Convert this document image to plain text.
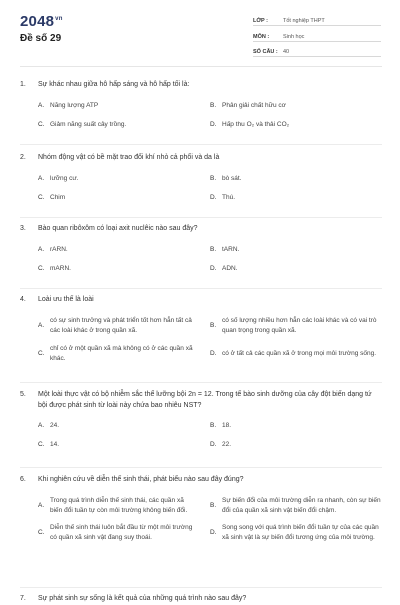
$2048^{vn}$
Đề số 29
LỚP :	Tốt nghiệp THPT
MÔN :	Sinh học
SỐ CÂU : 40
1.	Sự khác nhau giữa hô hấp sáng và hô hấp tối là:
A. Năng lượng ATP	B. Phân giải chất hữu cơ
C. Giảm năng suất cây trồng.	D. Hấp thu O₂ và thải CO₂
2.	Nhóm động vật có bề mặt trao đổi khí nhỏ cả phổi và da là
A. lưỡng cư.	B. bò sát.
C. Chim	D. Thú.
3.	Bào quan ribôxôm có loại axit nuclêic nào sau đây?
A. rARN.	B. tARN.
C. mARN.	D. ADN.
4.	Loài ưu thế là loài
A.
có sự sinh trưởng và phát triển tốt hơn hẳn tất cả các loài khác ở trong quần xã.
B.
có số lượng nhiều hơn hẳn các loài khác và có vai trò quan trọng trong quần xã.
C.
chỉ có ở một quần xã mà không có ở các quần xã khác.
D. có ở tất cả các quần xã ở trong mọi môi trường sống.
5.	Một loài thực vật có bộ nhiễm sắc thể lưỡng bội 2n = 12. Trong tế bào sinh dưỡng của cây đột biến dạng tứ bội được phát sinh từ loài này chứa bao nhiêu NST?
A. 24.	B. 18.
C. 14.	D. 22.
6.	Khi nghiên cứu về diễn thế sinh thái, phát biểu nào sau đây đúng?
A.
Trong quá trình diễn thế sinh thái, các quần xã biến đổi tuần tự còn môi trường không biến đổi.
B.
Sự biến đổi của môi trường diễn ra nhanh, còn sự biến đổi của quần xã sinh vật biến đổi chậm.
C.
Diễn thế sinh thái luôn bắt đầu từ một môi trường có quần xã sinh vật đang suy thoái.
D.
Song song với quá trình biến đổi tuần tự của các quần xã sinh vật là sự biến đổi tương ứng của môi trường.
7.	Sự phát sinh sự sống là kết quả của những quá trình nào sau đây?
